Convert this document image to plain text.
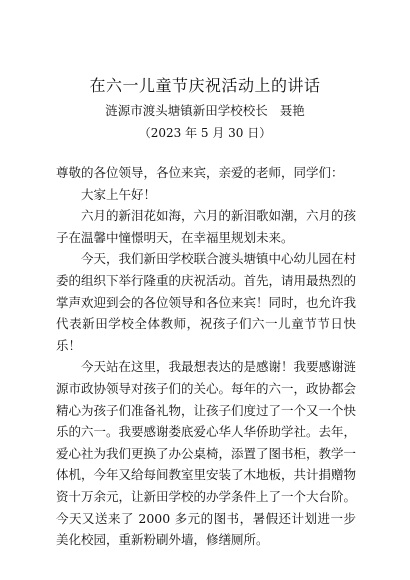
在六一儿童节庆祝活动上的讲话
涟源市渡头塘镇新田学校校长 聂艳
（2023 年 5 月 30 日）

尊敬的各位领导，各位来宾，亲爱的老师，同学们：

大家上午好！

六月的新泪花如海，六月的新泪歌如潮，六月的孩子在温馨中憧憬明天，在幸福里规划未来。

今天，我们新田学校联合渡头塘镇中心幼儿园在村委的组织下举行隆重的庆祝活动。首先，请用最热烈的掌声欢迎到会的各位领导和各位来宾！同时，也允许我代表新田学校全体教师，祝孩子们六一儿童节节日快乐！

今天站在这里，我最想表达的是感谢！我要感谢涟源市政协领导对孩子们的关心。每年的六一，政协都会精心为孩子们准备礼物，让孩子们度过了一个又一个快乐的六一。我要感谢娄底爱心华人华侨助学社。去年，爱心社为我们更换了办公桌椅，添置了图书柜，教学一体机，今年又给每间教室里安装了木地板，共计捐赠物资十万余元，让新田学校的办学条件上了一个大台阶。今天又送来了 2000 多元的图书，暑假还计划进一步美化校园，重新粉刷外墙，修缮厕所。
